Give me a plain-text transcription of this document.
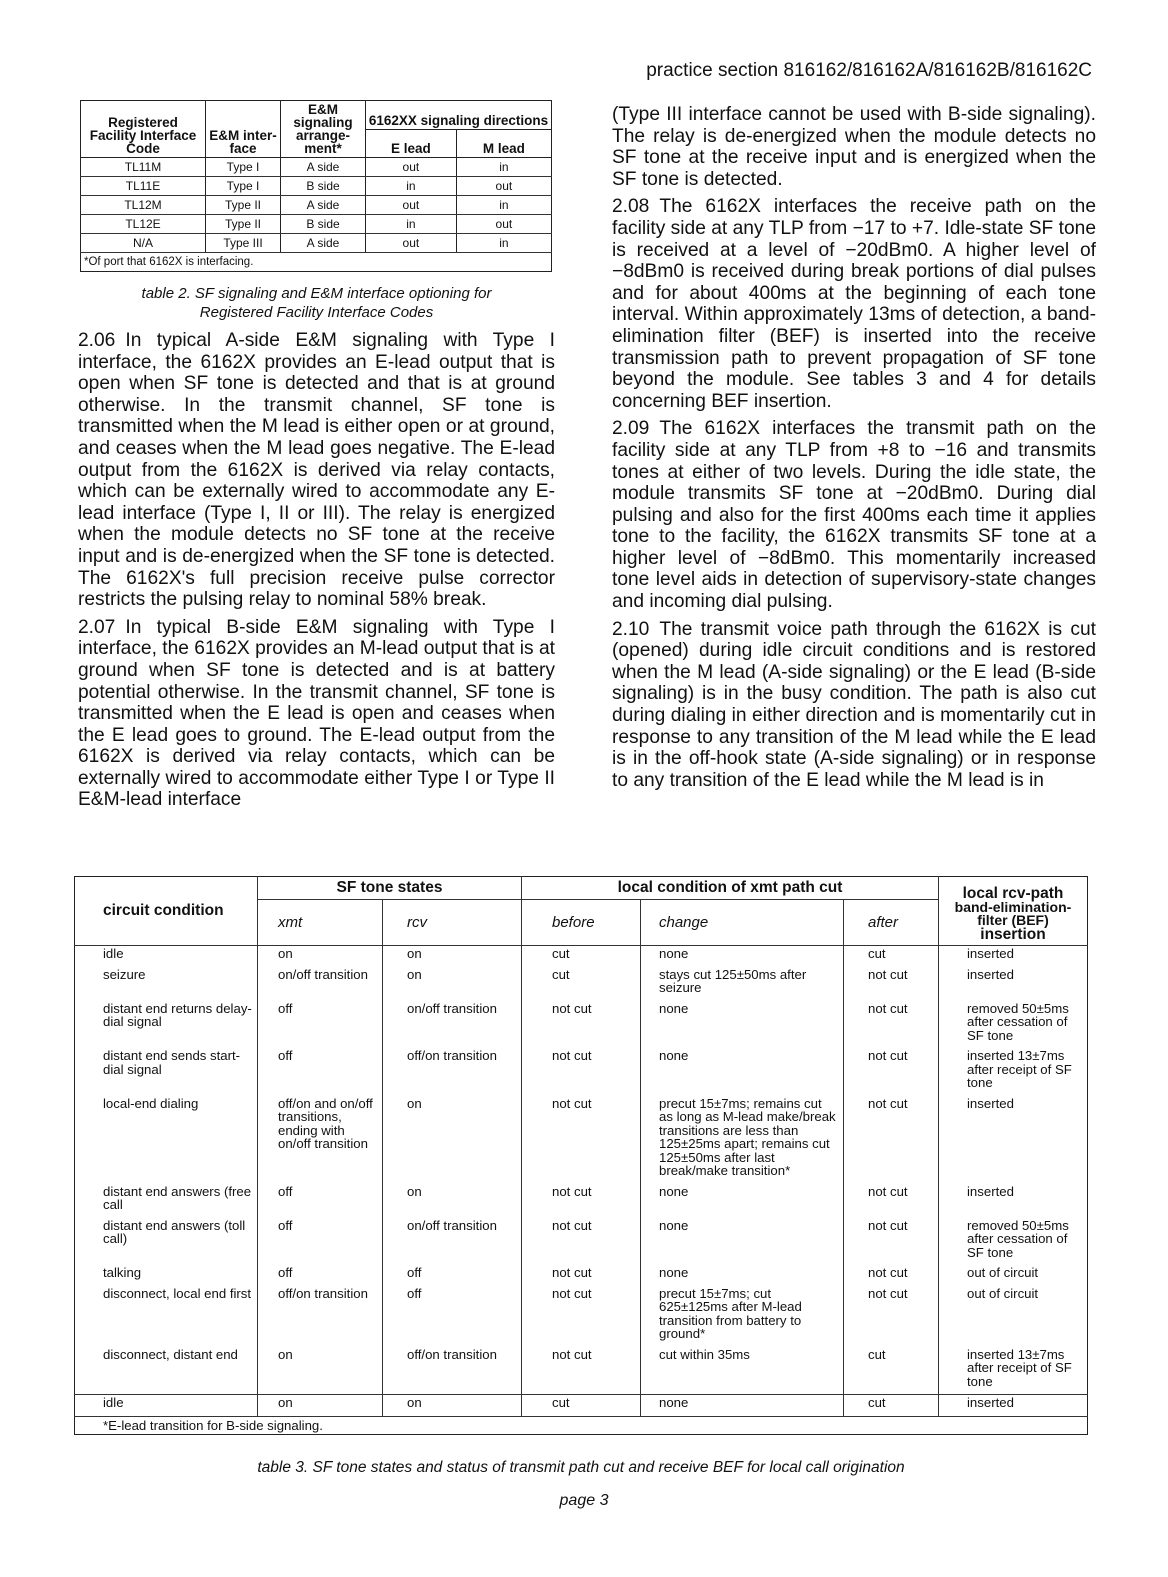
practice section 816162/816162A/816162B/816162C
Registered Facility Interface Code	E&M inter-face	E&M signaling arrange-ment*	6162XX signaling directions	
			E lead	M lead
TL11M	Type I	A side	out	in
TL11E	Type I	B side	in	out
TL12M	Type II	A side	out	in
TL12E	Type II	B side	in	out
N/A	Type III	A side	out	in
*Of port that 6162X is interfacing.				
table 2. SF signaling and E&M interface optioning for
Registered Facility Interface Codes

2.06 In typical A-side E&M signaling with Type I interface, the 6162X provides an E-lead output that is open when SF tone is detected and that is at ground otherwise. In the transmit channel, SF tone is transmitted when the M lead is either open or at ground, and ceases when the M lead goes negative. The E-lead output from the 6162X is derived via relay contacts, which can be externally wired to accommodate any E-lead interface (Type I, II or III). The relay is energized when the module detects no SF tone at the receive input and is de-energized when the SF tone is detected. The 6162X's full precision receive pulse corrector restricts the pulsing relay to nominal 58% break.

2.07 In typical B-side E&M signaling with Type I interface, the 6162X provides an M-lead output that is at ground when SF tone is detected and is at battery potential otherwise. In the transmit channel, SF tone is transmitted when the E lead is open and ceases when the E lead goes to ground. The E-lead output from the 6162X is derived via relay contacts, which can be externally wired to accommodate either Type I or Type II E&M-lead interface

(Type III interface cannot be used with B-side signaling). The relay is de-energized when the module detects no SF tone at the receive input and is energized when the SF tone is detected.

2.08 The 6162X interfaces the receive path on the facility side at any TLP from −17 to +7. Idle-state SF tone is received at a level of −20dBm0. A higher level of −8dBm0 is received during break portions of dial pulses and for about 400ms at the beginning of each tone interval. Within approximately 13ms of detection, a band-elimination filter (BEF) is inserted into the receive transmission path to prevent propagation of SF tone beyond the module. See tables 3 and 4 for details concerning BEF insertion.

2.09 The 6162X interfaces the transmit path on the facility side at any TLP from +8 to −16 and transmits tones at either of two levels. During the idle state, the module transmits SF tone at −20dBm0. During dial pulsing and also for the first 400ms each time it applies tone to the facility, the 6162X transmits SF tone at a higher level of −8dBm0. This momentarily increased tone level aids in detection of supervisory-state changes and incoming dial pulsing.

2.10 The transmit voice path through the 6162X is cut (opened) during idle circuit conditions and is restored when the M lead (A-side signaling) or the E lead (B-side signaling) is in the busy condition. The path is also cut during dialing in either direction and is momentarily cut in response to any transition of the M lead while the E lead is in the off-hook state (A-side signaling) or in response to any transition of the E lead while the M lead is in

circuit condition	SF tone states		local condition of xmt path cut			local rcv-path
band-elimination-filter (BEF)
insertion

	xmt	rcv	before	change	after	
idle	on	on	cut	none	cut	inserted
seizure	on/off transition	on	cut	stays cut 125±50ms after seizure	not cut	inserted
distant end returns delay-dial signal	off	on/off transition	not cut	none	not cut	removed 50±5ms after cessation of SF tone
distant end sends start-dial signal	off	off/on transition	not cut	none	not cut	inserted 13±7ms after receipt of SF tone
local-end dialing	off/on and on/off transitions, ending with on/off transition	on	not cut	precut 15±7ms; remains cut as long as M-lead make/break transitions are less than 125±25ms apart; remains cut 125±50ms after last break/make transition*	not cut	inserted
distant end answers (free call	off	on	not cut	none	not cut	inserted
distant end answers (toll call)	off	on/off transition	not cut	none	not cut	removed 50±5ms after cessation of SF tone
talking	off	off	not cut	none	not cut	out of circuit
disconnect, local end first	off/on transition	off	not cut	precut 15±7ms; cut 625±125ms after M-lead transition from battery to ground*	not cut	out of circuit
disconnect, distant end	on	off/on transition	not cut	cut within 35ms	cut	inserted 13±7ms after receipt of SF tone
idle	on	on	cut	none	cut	inserted
*E-lead transition for B-side signaling.						
table 3. SF tone states and status of transmit path cut and receive BEF for local call origination
page 3
